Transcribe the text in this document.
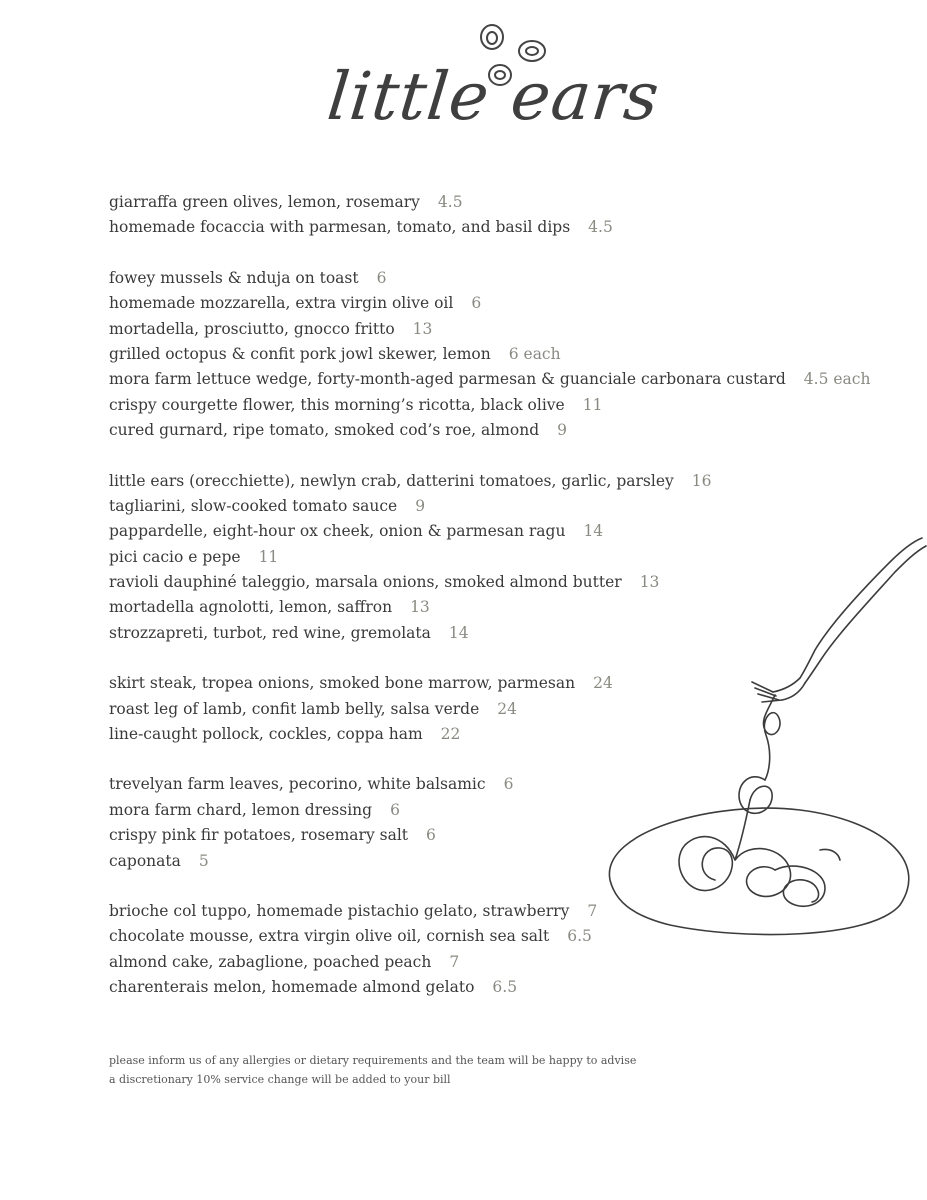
little ears
giarraffa green olives, lemon, rosemary 4.5
homemade focaccia with parmesan, tomato, and basil dips 4.5
fowey mussels & nduja on toast 6
homemade mozzarella, extra virgin olive oil 6
mortadella, prosciutto, gnocco fritto 13
grilled octopus & confit pork jowl skewer, lemon 6 each
mora farm lettuce wedge, forty-month-aged parmesan & guanciale carbonara custard 4.5 each
crispy courgette flower, this morning’s ricotta, black olive 11
cured gurnard, ripe tomato, smoked cod’s roe, almond 9
little ears (orecchiette), newlyn crab, datterini tomatoes, garlic, parsley 16
tagliarini, slow-cooked tomato sauce 9
pappardelle, eight-hour ox cheek, onion & parmesan ragu 14
pici cacio e pepe 11
ravioli dauphiné taleggio, marsala onions, smoked almond butter 13
mortadella agnolotti, lemon, saffron 13
strozzapreti, turbot, red wine, gremolata 14
skirt steak, tropea onions, smoked bone marrow, parmesan 24
roast leg of lamb, confit lamb belly, salsa verde 24
line-caught pollock, cockles, coppa ham 22
trevelyan farm leaves, pecorino, white balsamic 6
mora farm chard, lemon dressing 6
crispy pink fir potatoes, rosemary salt 6
caponata 5
brioche col tuppo, homemade pistachio gelato, strawberry 7
chocolate mousse, extra virgin olive oil, cornish sea salt 6.5
almond cake, zabaglione, poached peach 7
charenterais melon, homemade almond gelato 6.5
please inform us of any allergies or dietary requirements and the team will be happy to advise
a discretionary 10% service change will be added to your bill
